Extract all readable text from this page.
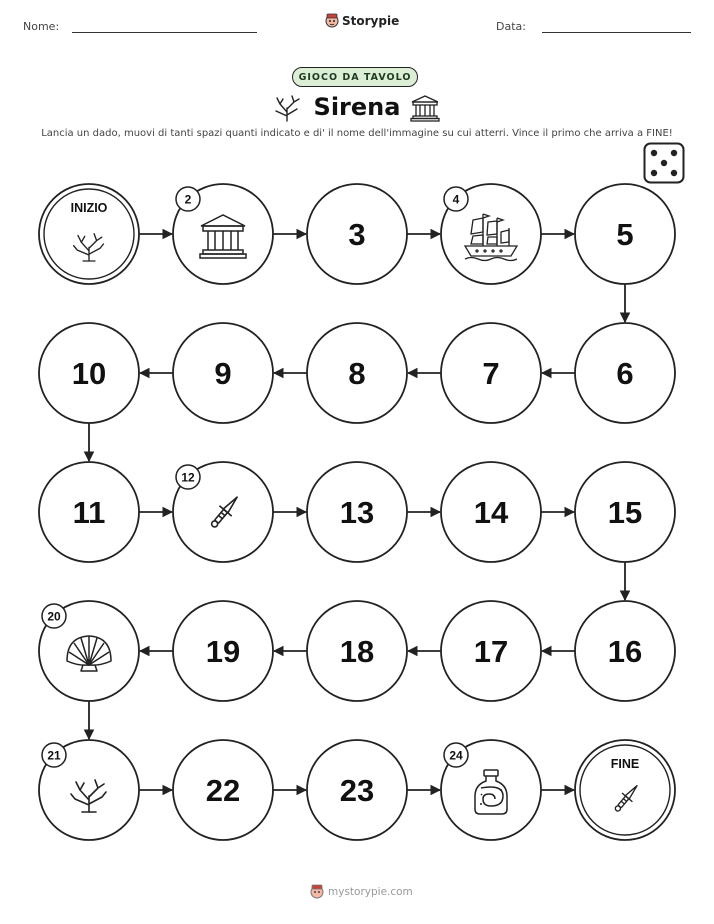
Nome:	Storypie	Data:
GIOCO DA TAVOLO
Sirena
Lancia un dado, muovi di tanti spazi quanti indicato e di' il nome dell'immagine su cui atterri. Vince il primo che arriva a FINE!
INIZIO
2
3
4
5
6
7
8
9
10
11
12
13	14	15
16
17
18
19
20
21
22	23
24
FINE
mystorypie.com
